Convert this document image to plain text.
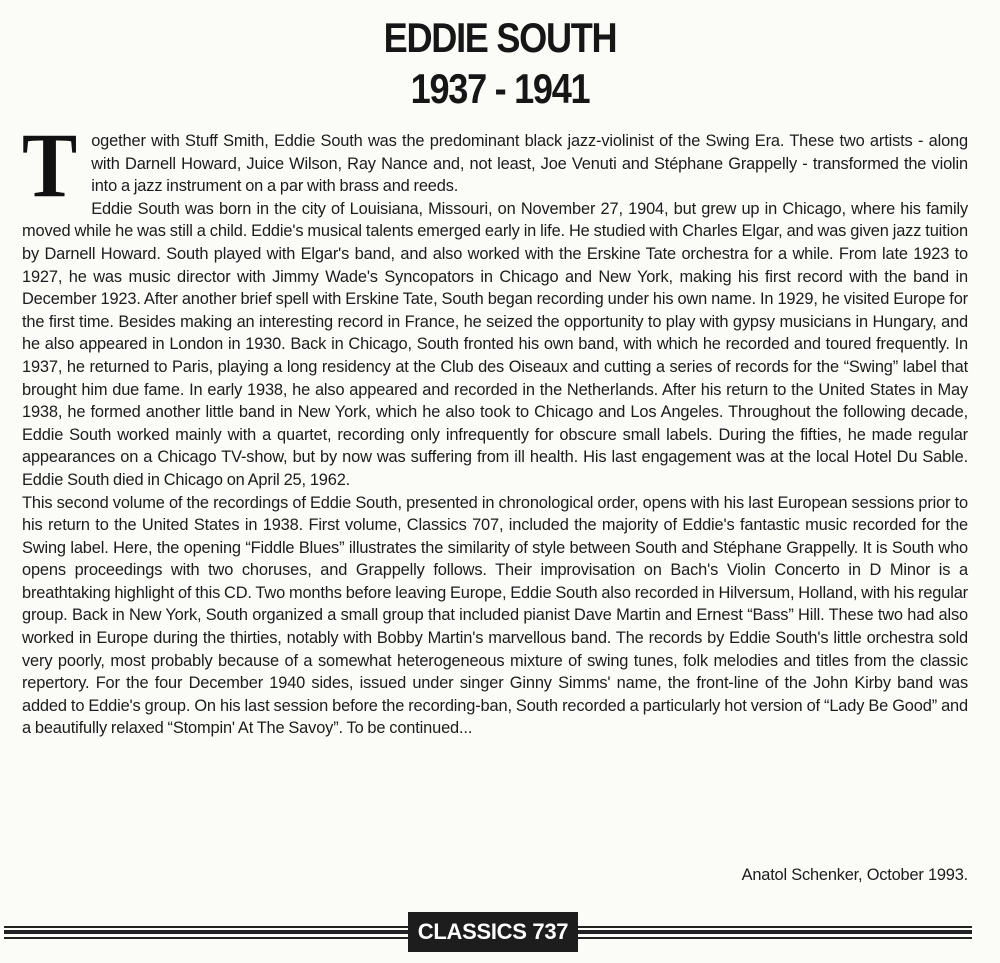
EDDIE SOUTH
1937 - 1941

Together with Stuff Smith, Eddie South was the predominant black jazz-violinist of the Swing Era. These two artists - along with Darnell Howard, Juice Wilson, Ray Nance and, not least, Joe Venuti and Stéphane Grappelly - transformed the violin into a jazz instrument on a par with brass and reeds.

Eddie South was born in the city of Louisiana, Missouri, on November 27, 1904, but grew up in Chicago, where his family moved while he was still a child. Eddie's musical talents emerged early in life. He studied with Charles Elgar, and was given jazz tuition by Darnell Howard. South played with Elgar's band, and also worked with the Erskine Tate orchestra for a while. From late 1923 to 1927, he was music director with Jimmy Wade's Syncopators in Chicago and New York, making his first record with the band in December 1923. After another brief spell with Erskine Tate, South began recording under his own name. In 1929, he visited Europe for the first time. Besides making an interesting record in France, he seized the opportunity to play with gypsy musicians in Hungary, and he also appeared in London in 1930. Back in Chicago, South fronted his own band, with which he recorded and toured frequently. In 1937, he returned to Paris, playing a long residency at the Club des Oiseaux and cutting a series of records for the “Swing” label that brought him due fame. In early 1938, he also appeared and recorded in the Netherlands. After his return to the United States in May 1938, he formed another little band in New York, which he also took to Chicago and Los Angeles. Throughout the following decade, Eddie South worked mainly with a quartet, recording only infrequently for obscure small labels. During the fifties, he made regular appearances on a Chicago TV-show, but by now was suffering from ill health. His last engagement was at the local Hotel Du Sable. Eddie South died in Chicago on April 25, 1962.

This second volume of the recordings of Eddie South, presented in chronological order, opens with his last European sessions prior to his return to the United States in 1938. First volume, Classics 707, included the majority of Eddie's fantastic music recorded for the Swing label. Here, the opening “Fiddle Blues” illustrates the similarity of style between South and Stéphane Grappelly. It is South who opens proceedings with two choruses, and Grappelly follows. Their improvisation on Bach's Violin Concerto in D Minor is a breathtaking highlight of this CD. Two months before leaving Europe, Eddie South also recorded in Hilversum, Holland, with his regular group. Back in New York, South organized a small group that included pianist Dave Martin and Ernest “Bass” Hill. These two had also worked in Europe during the thirties, notably with Bobby Martin's marvellous band. The records by Eddie South's little orchestra sold very poorly, most probably because of a somewhat heterogeneous mixture of swing tunes, folk melodies and titles from the classic repertory. For the four December 1940 sides, issued under singer Ginny Simms' name, the front-line of the John Kirby band was added to Eddie's group. On his last session before the recording-ban, South recorded a particularly hot version of “Lady Be Good” and a beautifully relaxed “Stompin' At The Savoy”. To be continued...

Anatol Schenker, October 1993.
CLASSICS 737
